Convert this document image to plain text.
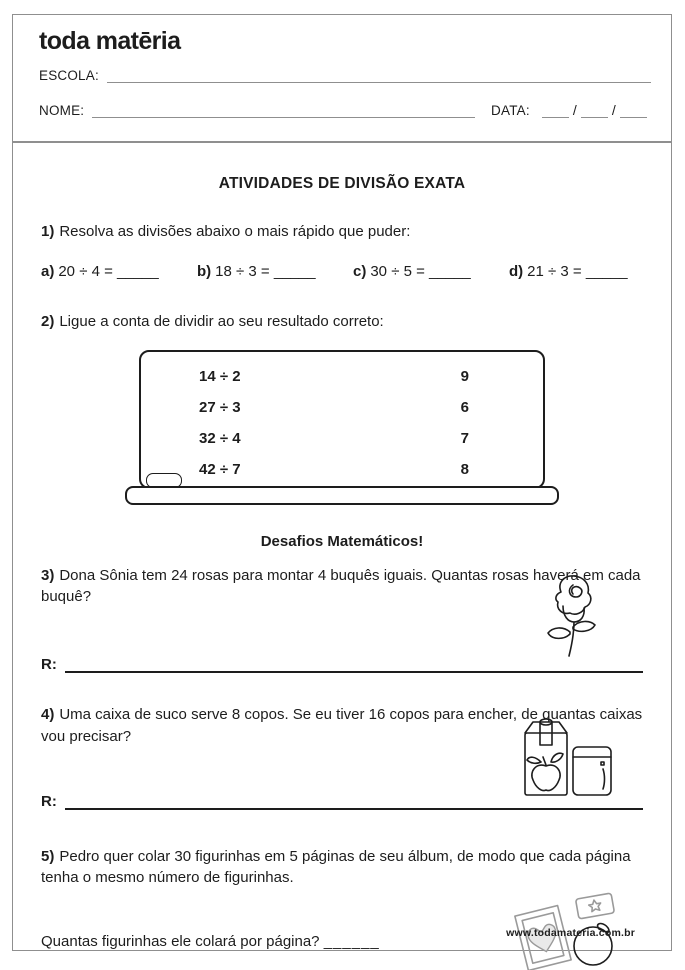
toda matēria
ESCOLA:
NOME:	DATA:	/	/
ATIVIDADES DE DIVISÃO EXATA
1) Resolva as divisões abaixo o mais rápido que puder:
a) 20 ÷ 4 = _____	b) 18 ÷ 3 = _____	c) 30 ÷ 5 = _____	d) 21 ÷ 3 = _____
2) Ligue a conta de dividir ao seu resultado correto:
14 ÷ 2	9
27 ÷ 3	6
32 ÷ 4	7
42 ÷ 7	8
Desafios Matemáticos!
3) Dona Sônia tem 24 rosas para montar 4 buquês iguais. Quantas rosas haverá em cada buquê?
R:
4) Uma caixa de suco serve 8 copos. Se eu tiver 16 copos para encher, de quantas caixas vou precisar?
R:
5) Pedro quer colar 30 figurinhas em 5 páginas de seu álbum, de modo que cada página tenha o mesmo número de figurinhas.
Quantas figurinhas ele colará por página? ______	www.todamateria.com.br
